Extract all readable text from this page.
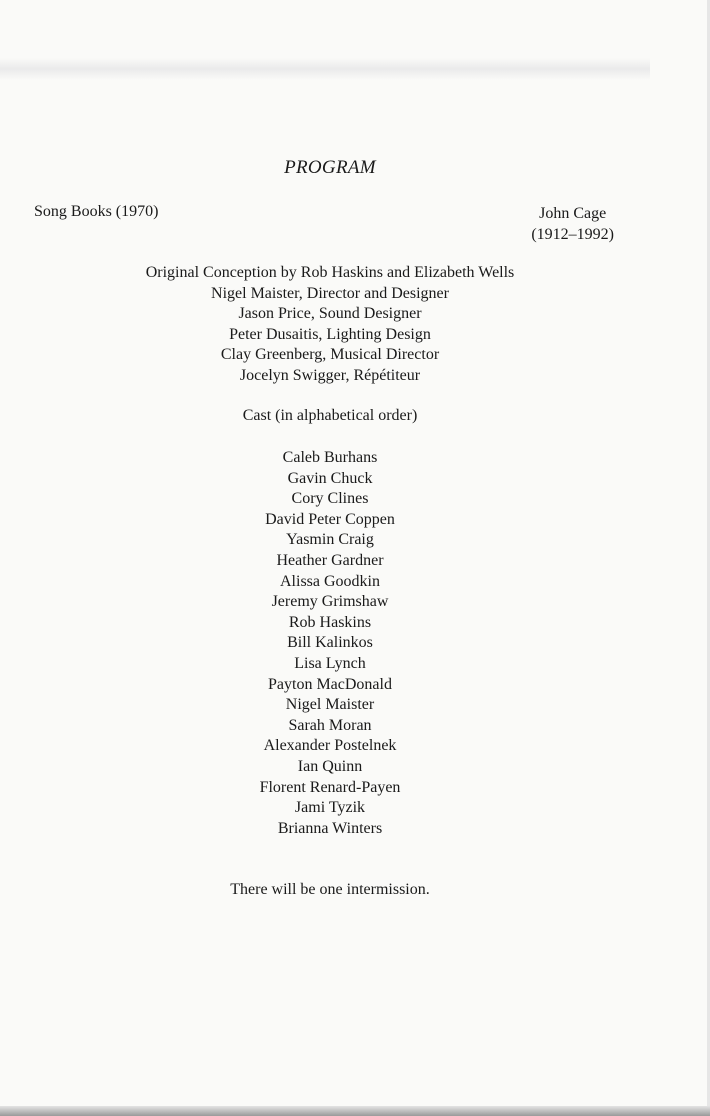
PROGRAM
Song Books (1970)	John Cage
(1912–1992)
Original Conception by Rob Haskins and Elizabeth Wells
Nigel Maister, Director and Designer
Jason Price, Sound Designer
Peter Dusaitis, Lighting Design
Clay Greenberg, Musical Director
Jocelyn Swigger, Répétiteur
Cast (in alphabetical order)
Caleb Burhans
Gavin Chuck
Cory Clines
David Peter Coppen
Yasmin Craig
Heather Gardner
Alissa Goodkin
Jeremy Grimshaw
Rob Haskins
Bill Kalinkos
Lisa Lynch
Payton MacDonald
Nigel Maister
Sarah Moran
Alexander Postelnek
Ian Quinn
Florent Renard-Payen
Jami Tyzik
Brianna Winters
There will be one intermission.
